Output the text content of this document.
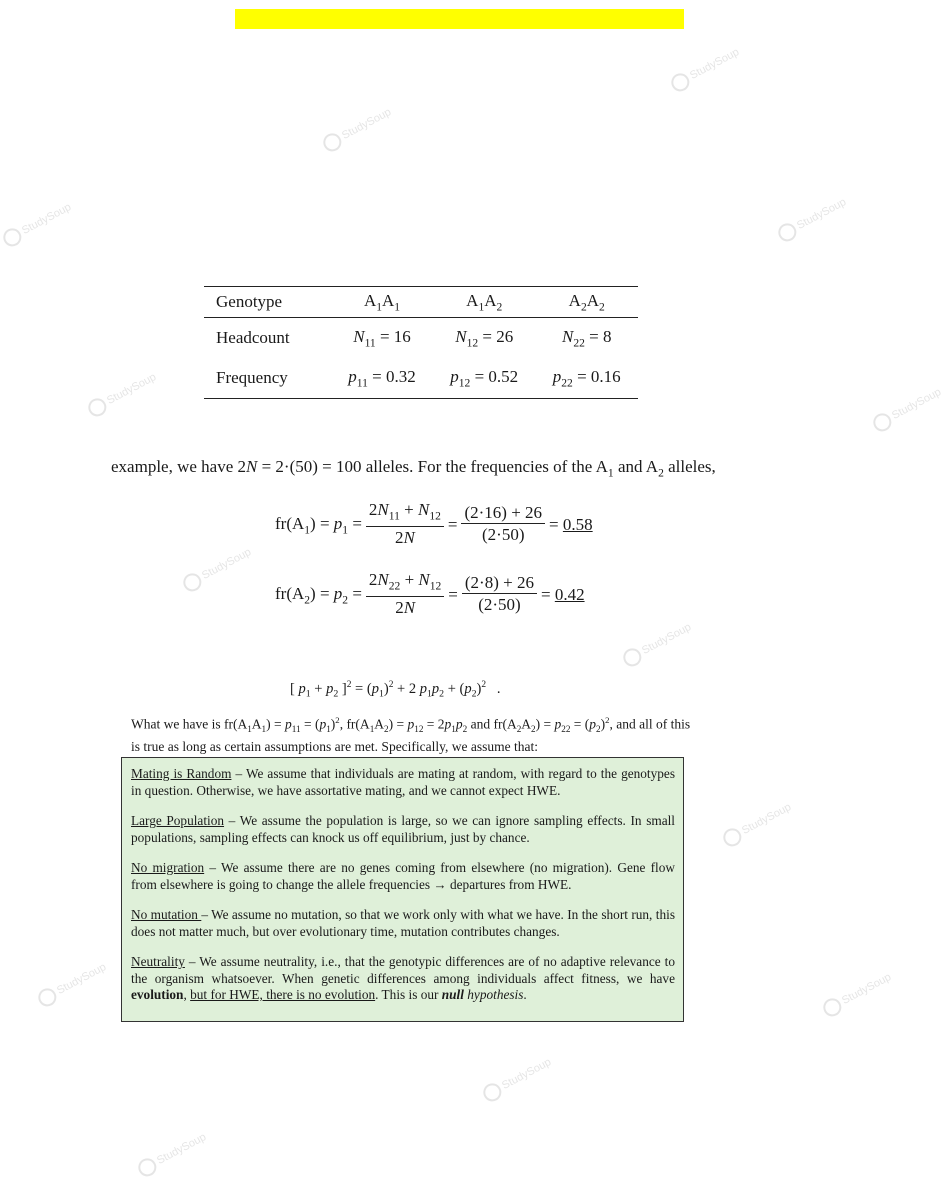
StudySoup
StudySoup
StudySoup	StudySoup
StudySoup	StudySoup
StudySoup
StudySoup
StudySoup
StudySoup	StudySoup
StudySoup
StudySoup
Genotype	$A_1A_1$	$A_1A_2$	$A_2A_2$
Headcount	$N_{11} = 16$	$N_{12} = 26$	$N_{22} = 8$
Frequency	$p_{11} = 0.32$	$p_{12} = 0.52$	$p_{22} = 0.16$
example, we have 2N = 2·(50) = 100 alleles. For the frequencies of the $A_1$ and $A_2$ alleles,
$fr(A_1) = p_1 = \frac{2N_{11} + N_{12}}{2N} = \frac{(2\cdot 16) + 26}{(2\cdot 50)} = 0.58$
$fr(A_2) = p_2 = \frac{2N_{22} + N_{12}}{2N} = \frac{(2\cdot 8) + 26}{(2\cdot 50)} = 0.42$
[ $p_1 + p_2$ ]$^2 = (p_1)^2 + 2$ $p_1p_2 + (p_2)^2$   .
What we have is $fr(A_1A_1) = p_{11} = (p_1)^2$, $fr(A_1A_2) = p_{12} = 2p_1p_2$ and $fr(A_2A_2) = p_{22} = (p_2)^2$, and all of this is true as long as certain assumptions are met. Specifically, we assume that:

Mating is Random – We assume that individuals are mating at random, with regard to the genotypes in question. Otherwise, we have assortative mating, and we cannot expect HWE.

Large Population – We assume the population is large, so we can ignore sampling effects. In small populations, sampling effects can knock us off equilibrium, just by chance.

No migration – We assume there are no genes coming from elsewhere (no migration). Gene flow from elsewhere is going to change the allele frequencies → departures from HWE.

No mutation – We assume no mutation, so that we work only with what we have. In the short run, this does not matter much, but over evolutionary time, mutation contributes changes.

Neutrality – We assume neutrality, i.e., that the genotypic differences are of no adaptive relevance to the organism whatsoever. When genetic differences among individuals affect fitness, we have evolution, but for HWE, there is no evolution. This is our null hypothesis.
